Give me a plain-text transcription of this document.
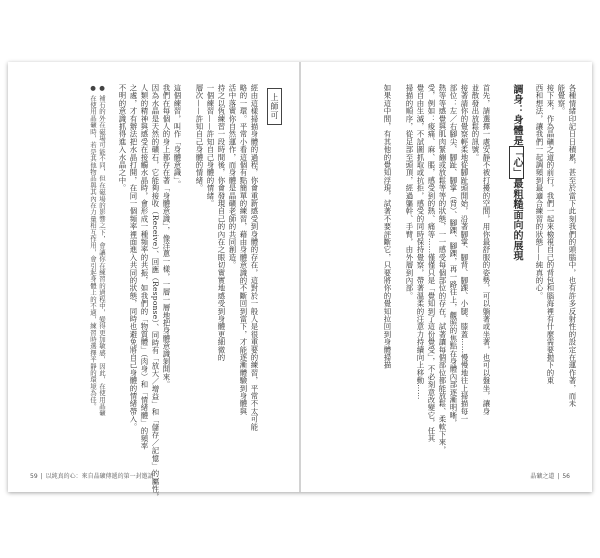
上師可
經由這樣掃描身體的過程，你會重新感受到身體的存在，這對於一般人是很重要的練習，平常不太可能
略的一環。平常小看這個有點簡單的練習，藉由身體意識的不斷回到當下，才能逐漸體驗到身體與
活中落實你自然運作，而身體是晶礦老師的共同創造。
持之以恆練習一段時間後，你會發現自己的內在之眼切實實地感受到身體更細微的
一個練習——許知自己身體的情緒。
層次——許知自己身體的情緒。
這個練習，叫作「身體意識」。
我們在每個人的身上都存在著「身體意識」，像洋蔥一樣，一層一層地把身體意識剝開來。
因為水晶是天然的礦石，它能夠接收（Receive）、回應（Response）、同時有「放大／增益」和「儲存／記憶」的屬性，
人類的精神與感受在接觸水晶時，會形成一種頻率的共振，如我們的「物質體」（肉身）和「情緒體」的頻率
之處，才有辦法把水晶打開，在同一個頻率裡面進入共同的狀態，同時也避免將自己身體的情緒帶入。
不明的意識抓得進入水晶之中。
● 補石的外在磁場可能不同，但在磁場的影響之下，會讓你在練習的過程中，變得更加敏感，因此，在使用晶礦
● 在使用晶礦時，若是其他物品與其內在力量相互作用，會引起身體上的不適，練習時選擇平靜的環境為佳。	各種情緒印記日日積累，甚至於當下此刻我們的頭腦中，也有許多反射性的設定在運作著，而未
能覺察。
接下來，作為晶礦之道的前行，我們一起來檢視自己的背包和腦海裡有什麼需要拋下的東
西和想法，讓我們一起調頻到最適合練習的狀態——純真的心。
調身：身體是「心」最粗糙面向的展現
首先，請選擇一處安靜不被打擾的空間，用你最舒服的姿勢，可以躺著或坐著，也可以盤坐，讓身
並散發出放鬆的訊號。
接著請你的覺察輕柔地從腳趾頭開始，沿著腳掌、腳背、腳踝、小腿、膝蓋……慢慢地往上掃描每一
部位：左／右腳尖、腳趾、腳掌（背）、腳踝、腳踝，再一路往上，觀照的焦點在身體內部逐漸明晰，
熱等等感覺與肌肉緊繃或放鬆等等的狀態，一一感受每個部位的存在，試著讓每個部位都能放鬆、柔軟下來，
受，例如：痠痛、麻、脹，感受到的熱、痛等……僅僅只是「覺知到了這份覺受」，不必刻意改變它，任其
覺自由生滅，不試圖抓取或抗拒，感受的同時保持覺察，帶著溫柔的注意力持續向上移動……
掃描的順序，從足部至頭頂，經過軀幹、手臂，由外層到內部。
如果這中間，有其他的覺知浮現，試著不要評斷它，只要將你的覺知拉回到身體掃描
59 | 以純真的心：來自晶礦傳遞的第一封邀請	晶礦之道 | 56
